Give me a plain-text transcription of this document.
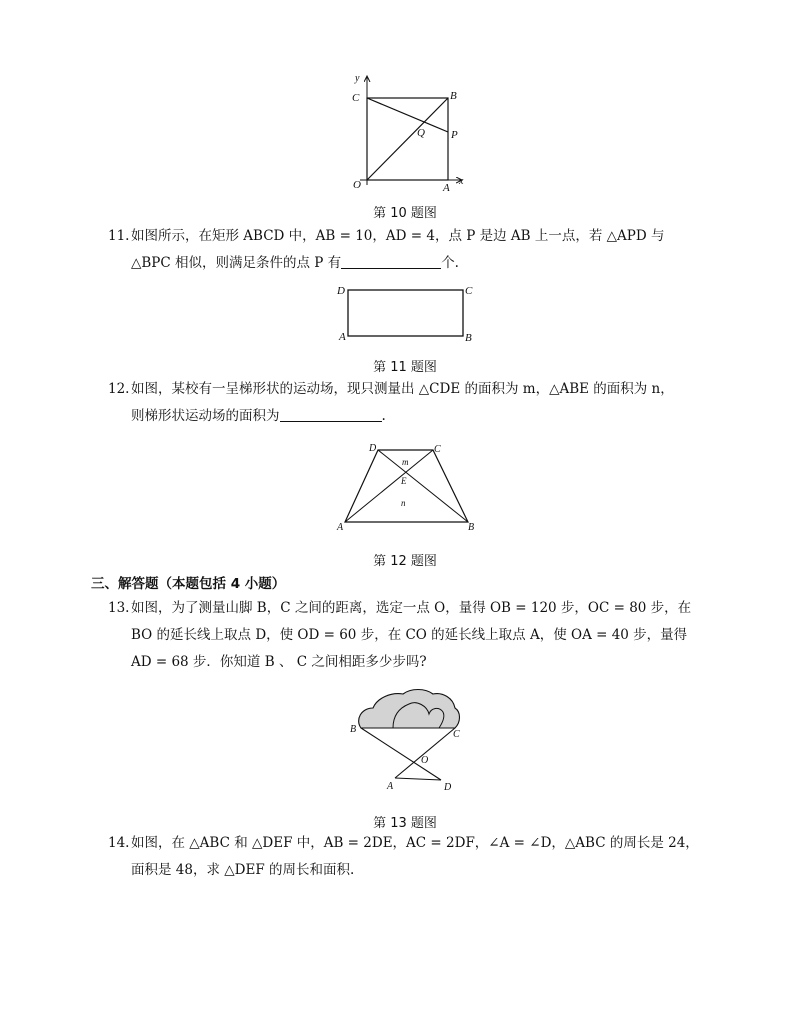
y
x
C	B
Q P
O	A
第 10 题图
11. 如图所示，在矩形 ABCD 中，AB = 10，AD = 4，点 P 是边 AB 上一点，若 △APD 与
△BPC 相似，则满足条件的点 P 有	个.
D	C
A	B
第 11 题图
12. 如图，某校有一呈梯形状的运动场，现只测量出 △CDE 的面积为 m，△ABE 的面积为 n，
则梯形状运动场的面积为	.
D	C
m
E
n
A	B
第 12 题图
三、解答题（本题包括 4 小题）
13. 如图，为了测量山脚 B，C 之间的距离，选定一点 O，量得 OB = 120 步，OC = 80 步，在
BO 的延长线上取点 D，使 OD = 60 步，在 CO 的延长线上取点 A，使 OA = 40 步，量得
AD = 68 步．你知道 B 、 C 之间相距多少步吗?
B	C
O
A	D
第 13 题图
14. 如图，在 △ABC 和 △DEF 中，AB = 2DE，AC = 2DF，∠A = ∠D，△ABC 的周长是 24，
面积是 48，求 △DEF 的周长和面积.
